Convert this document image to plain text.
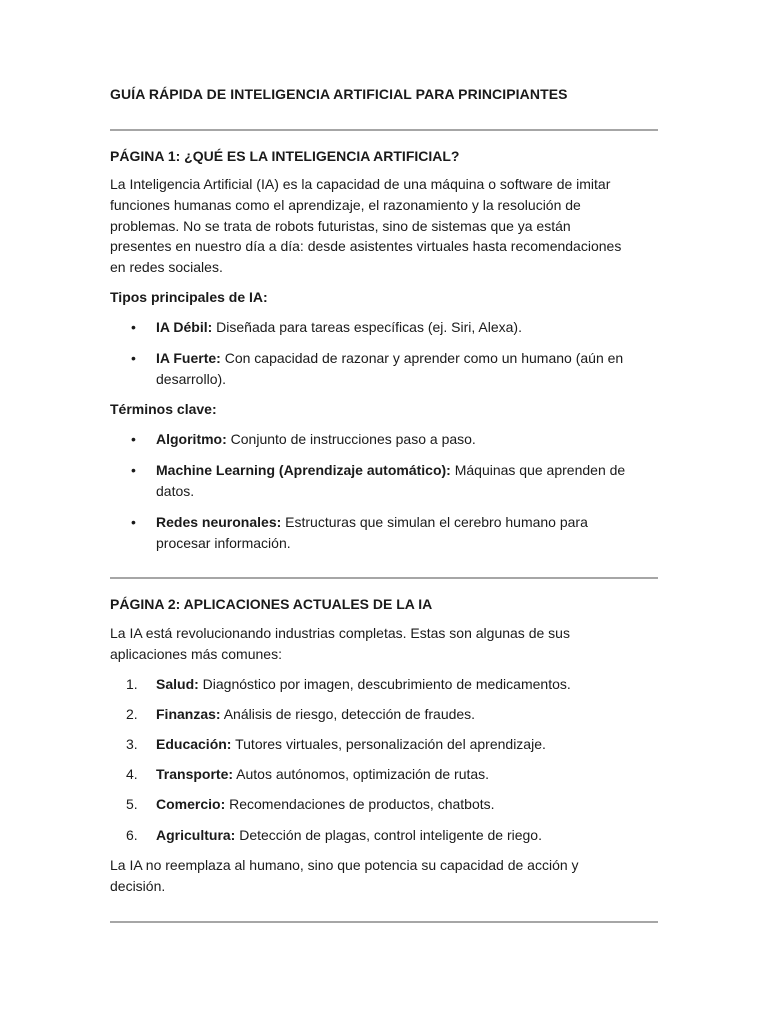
GUÍA RÁPIDA DE INTELIGENCIA ARTIFICIAL PARA PRINCIPIANTES
PÁGINA 1: ¿QUÉ ES LA INTELIGENCIA ARTIFICIAL?

La Inteligencia Artificial (IA) es la capacidad de una máquina o software de imitar
funciones humanas como el aprendizaje, el razonamiento y la resolución de
problemas. No se trata de robots futuristas, sino de sistemas que ya están
presentes en nuestro día a día: desde asistentes virtuales hasta recomendaciones
en redes sociales.

Tipos principales de IA:

• IA Débil: Diseñada para tareas específicas (ej. Siri, Alexa).
• IA Fuerte: Con capacidad de razonar y aprender como un humano (aún en
desarrollo).

Términos clave:

• Algoritmo: Conjunto de instrucciones paso a paso.
• Machine Learning (Aprendizaje automático): Máquinas que aprenden de
datos.
• Redes neuronales: Estructuras que simulan el cerebro humano para
procesar información.
PÁGINA 2: APLICACIONES ACTUALES DE LA IA

La IA está revolucionando industrias completas. Estas son algunas de sus
aplicaciones más comunes:

1. Salud: Diagnóstico por imagen, descubrimiento de medicamentos.
2. Finanzas: Análisis de riesgo, detección de fraudes.
3. Educación: Tutores virtuales, personalización del aprendizaje.
4. Transporte: Autos autónomos, optimización de rutas.
5. Comercio: Recomendaciones de productos, chatbots.
6. Agricultura: Detección de plagas, control inteligente de riego.

La IA no reemplaza al humano, sino que potencia su capacidad de acción y
decisión.
